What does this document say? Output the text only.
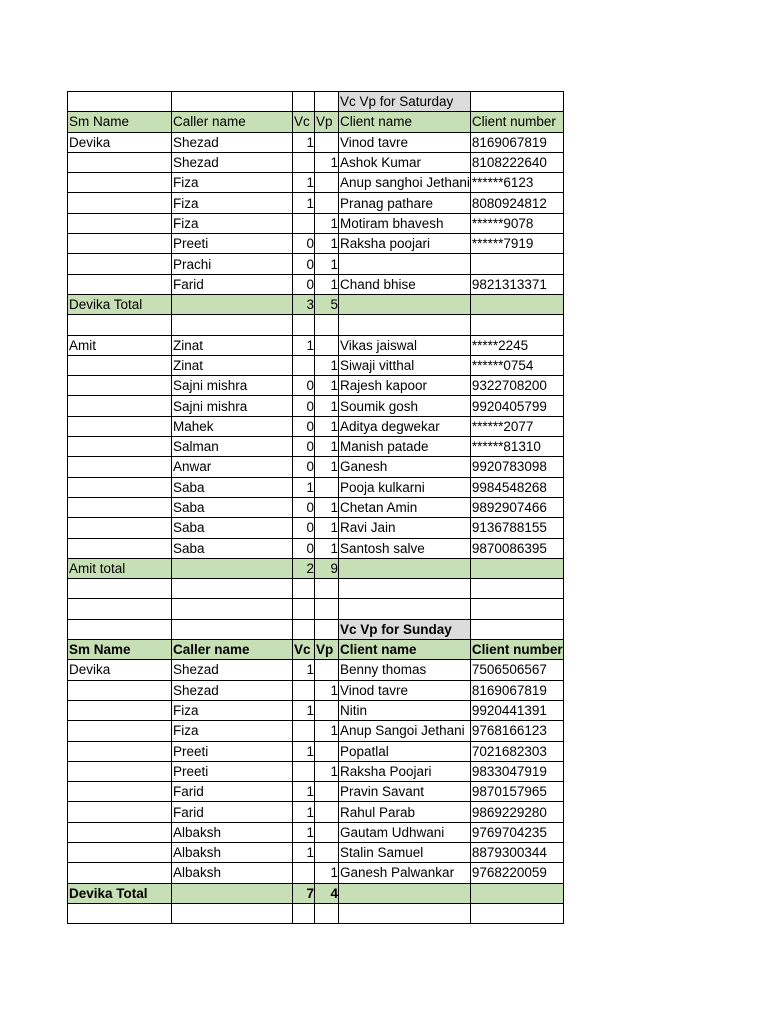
				Vc Vp for Saturday	
Sm Name	Caller name	Vc	Vp	Client name	Client number
Devika	Shezad	1		Vinod tavre	8169067819
	Shezad		1	Ashok Kumar	8108222640
	Fiza	1		Anup sanghoi Jethani	******6123
	Fiza	1		Pranag pathare	8080924812
	Fiza		1	Motiram bhavesh	******9078
	Preeti	0	1	Raksha poojari	******7919
	Prachi	0	1		
	Farid	0	1	Chand bhise	9821313371
Devika Total		3	5		

Amit	Zinat	1		Vikas jaiswal	*****2245
	Zinat		1	Siwaji vitthal	******0754
	Sajni mishra	0	1	Rajesh kapoor	9322708200
	Sajni mishra	0	1	Soumik gosh	9920405799
	Mahek	0	1	Aditya degwekar	******2077
	Salman	0	1	Manish patade	******81310
	Anwar	0	1	Ganesh	9920783098
	Saba	1		Pooja kulkarni	9984548268
	Saba	0	1	Chetan Amin	9892907466
	Saba	0	1	Ravi Jain	9136788155
	Saba	0	1	Santosh salve	9870086395
Amit total		2	9		

				Vc Vp for Sunday	
Sm Name	Caller name	Vc	Vp	Client name	Client number
Devika	Shezad	1		Benny thomas	7506506567
	Shezad		1	Vinod tavre	8169067819
	Fiza	1		Nitin	9920441391
	Fiza		1	Anup Sangoi Jethani	9768166123
	Preeti	1		Popatlal	7021682303
	Preeti		1	Raksha Poojari	9833047919
	Farid	1		Pravin Savant	9870157965
	Farid	1		Rahul Parab	9869229280
	Albaksh	1		Gautam Udhwani	9769704235
	Albaksh	1		Stalin Samuel	8879300344
	Albaksh		1	Ganesh Palwankar	9768220059
Devika Total		7	4		
